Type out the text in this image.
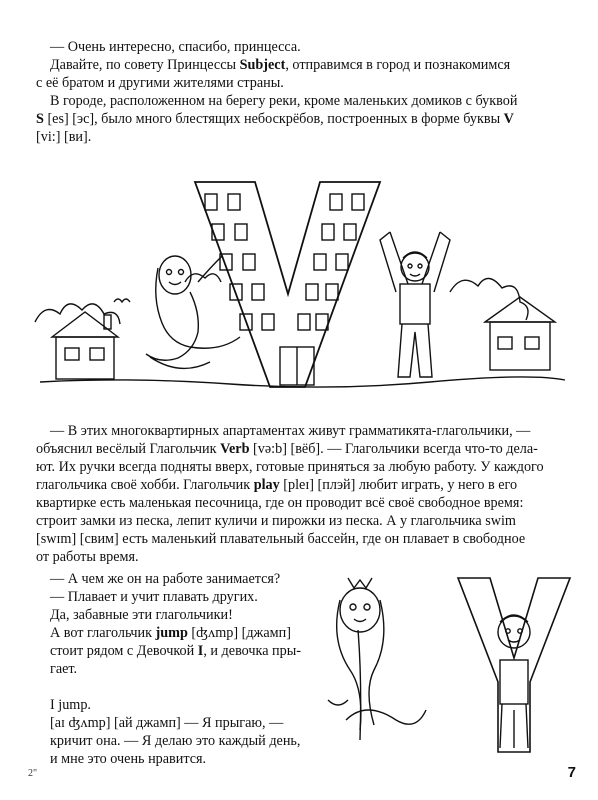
— Очень интересно, спасибо, принцесса.
Давайте, по совету Принцессы Subject, отправимся в город и познакомимся
с её братом и другими жителями страны.
В городе, расположенном на берегу реки, кроме маленьких домиков с буквой
S [es] [эс], было много блестящих небоскрёбов, построенных в форме буквы V
[vi:] [ви].

— В этих многоквартирных апартаментах живут грамматикята-глагольчики, —
объяснил весёлый Глагольчик Verb [və:b] [вёб]. — Глагольчики всегда что-то дела-
ют. Их ручки всегда подняты вверх, готовые приняться за любую работу. У каждого
глагольчика своё хобби. Глагольчик play [pleɪ] [плэй] любит играть, у него в его
квартирке есть маленькая песочница, где он проводит всё своё свободное время:
строит замки из песка, лепит куличи и пирожки из песка. А у глагольчика swim
[swɪm] [свим] есть маленький плавательный бассейн, где он плавает в свободное
от работы время.

— А чем же он на работе занимается?
— Плавает и учит плавать других.
Да, забавные эти глагольчики!
А вот глагольчик jump [ʤʌmp] [джамп]
стоит рядом с Девочкой I, и девочка пры-
гает.

I jump.
[aɪ ʤʌmp] [ай джамп] — Я прыгаю, —
кричит она. — Я делаю это каждый день,
и мне это очень нравится.

2"	7
